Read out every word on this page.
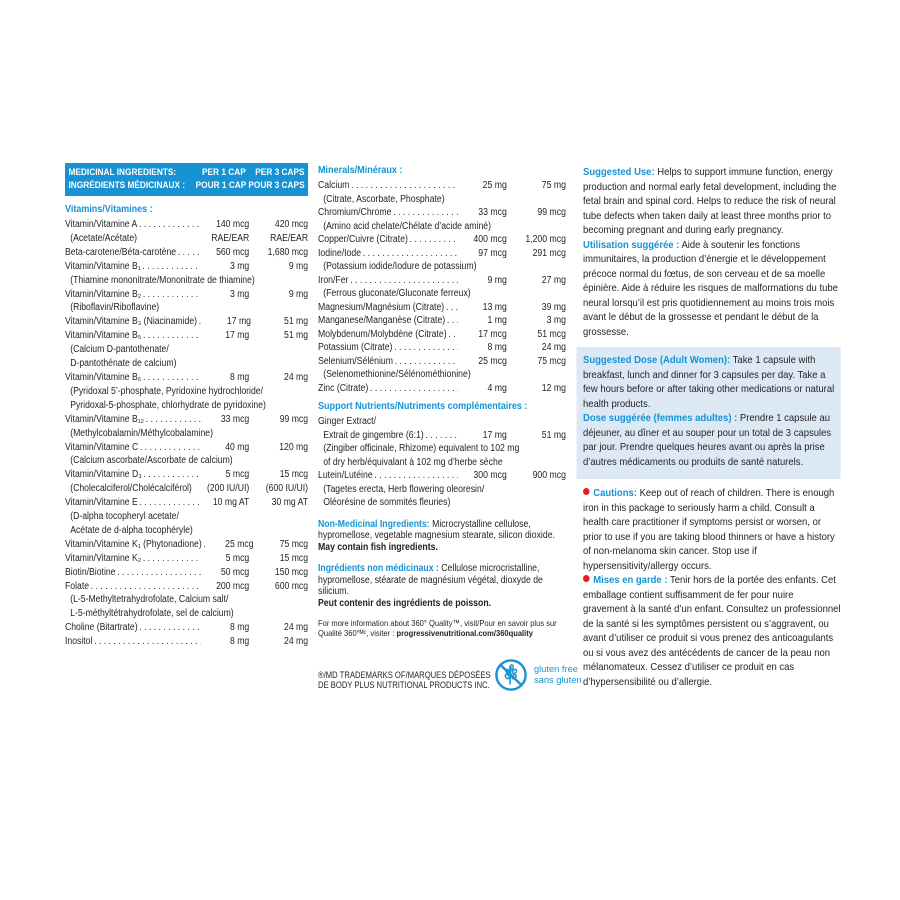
MEDICINAL INGREDIENTS:	PER 1 CAP PER 3 CAPS
INGRÉDIENTS MÉDICINAUX :	POUR 1 CAP POUR 3 CAPS
Vitamins/Vitamines :
Vitamin/Vitamine A . . .	140 mcg	420 mcg
(Acetate/Acétate)	RAE/EAR	RAE/EAR
Beta-carotene/Béta-carotène . . .	560 mcg	1,680 mcg
Vitamin/Vitamine B₁ . . .	3 mg	9 mg
(Thiamine mononitrate/Mononitrate de thiamine)
Vitamin/Vitamine B₂ . . .	3 mg	9 mg
(Riboflavin/Riboflavine)
Vitamin/Vitamine B₃ (Niacinamide) . . .	17 mg	51 mg
Vitamin/Vitamine B₅ . . .	17 mg	51 mg
(Calcium D-pantothenate/
D-pantothénate de calcium)
Vitamin/Vitamine B₆ . . .	8 mg	24 mg
(Pyridoxal 5’-phosphate, Pyridoxine hydrochloride/
Pyridoxal-5-phosphate, chlorhydrate de pyridoxine)
Vitamin/Vitamine B₁₂ . . .	33 mcg	99 mcg
(Methylcobalamin/Méthylcobalamine)
Vitamin/Vitamine C . . .	40 mg	120 mg
(Calcium ascorbate/Ascorbate de calcium)
Vitamin/Vitamine D₃ . . .	5 mcg	15 mcg
(Cholecalciferol/Cholécalciférol)	(200 IU/UI)	(600 IU/UI)
Vitamin/Vitamine E . . .	10 mg AT	30 mg AT
(D-alpha tocopheryl acetate/
Acétate de d-alpha tocophéryle)
Vitamin/Vitamine K₁ (Phytonadione) . . .	25 mcg	75 mcg
Vitamin/Vitamine K₂ . . .	5 mcg	15 mcg
Biotin/Biotine . . .	50 mcg	150 mcg
Folate . . .	200 mcg	600 mcg
(L-5-Methyltetrahydrofolate, Calcium salt/
L-5-méthyltétrahydrofolate, sel de calcium)
Choline (Bitartrate) . . .	8 mg	24 mg
Inositol . . .	8 mg	24 mg
Minerals/Minéraux :
Calcium . . .	25 mg	75 mg
(Citrate, Ascorbate, Phosphate)
Chromium/Chrome . . .	33 mcg	99 mcg
(Amino acid chelate/Chélate d’acide aminé)
Copper/Cuivre (Citrate) . . .	400 mcg	1,200 mcg
Iodine/Iode . . .	97 mcg	291 mcg
(Potassium iodide/Iodure de potassium)
Iron/Fer . . .	9 mg	27 mg
(Ferrous gluconate/Gluconate ferreux)
Magnesium/Magnésium (Citrate) . . .	13 mg	39 mg
Manganese/Manganèse (Citrate) . . .	1 mg	3 mg
Molybdenum/Molybdène (Citrate) . . .	17 mcg	51 mcg
Potassium (Citrate) . . .	8 mg	24 mg
Selenium/Sélénium . . .	25 mcg	75 mcg
(Selenomethionine/Sélénométhionine)
Zinc (Citrate) . . .	4 mg	12 mg
Support Nutrients/Nutriments complémentaires :
Ginger Extract/
Extrait de gingembre (6:1) . . .	17 mg	51 mg
(Zingiber officinale, Rhizome) equivalent to 102 mg
of dry herb/équivalant à 102 mg d’herbe sèche
Lutein/Lutéine . . .	300 mcg	900 mcg
(Tagetes erecta, Herb flowering oleoresin/
Oléorésine de sommités fleuries)
Non-Medicinal Ingredients: Microcrystalline cellulose, hypromellose, vegetable magnesium stearate, silicon dioxide.
May contain fish ingredients.
Ingrédients non médicinaux : Cellulose microcristalline, hypromellose, stéarate de magnésium végétal, dioxyde de silicium.
Peut contenir des ingrédients de poisson.
For more information about 360° Quality™, visit/Pour en savoir plus sur Qualité 360°ᴹᶜ, visiter : progressivenutritional.com/360quality
®/MD TRADEMARKS OF/MARQUES DÉPOSÉES
DE BODY PLUS NUTRITIONAL PRODUCTS INC.
Suggested Use: Helps to support immune function, energy production and normal early fetal development, including the fetal brain and spinal cord. Helps to reduce the risk of neural tube defects when taken daily at least three months prior to becoming pregnant and during early pregnancy.
Utilisation suggérée : Aide à soutenir les fonctions immunitaires, la production d’énergie et le développement précoce normal du fœtus, de son cerveau et de sa moelle épinière. Aide à réduire les risques de malformations du tube neural lorsqu’il est pris quotidiennement au moins trois mois avant le début de la grossesse et pendant le début de la grossesse.
Suggested Dose (Adult Women): Take 1 capsule with breakfast, lunch and dinner for 3 capsules per day. Take a few hours before or after taking other medications or natural health products.
Dose suggérée (femmes adultes) : Prendre 1 capsule au déjeuner, au dîner et au souper pour un total de 3 capsules par jour. Prendre quelques heures avant ou après la prise d’autres médicaments ou produits de santé naturels.
Cautions: Keep out of reach of children. There is enough iron in this package to seriously harm a child. Consult a health care practitioner if symptoms persist or worsen, or prior to use if you are taking blood thinners or have a history of non-melanoma skin cancer. Stop use if hypersensitivity/allergy occurs.
Mises en garde : Tenir hors de la portée des enfants. Cet emballage contient suffisamment de fer pour nuire gravement à la santé d’un enfant. Consultez un professionnel de la santé si les symptômes persistent ou s’aggravent, ou avant d’utiliser ce produit si vous prenez des anticoagulants ou si vous avez des antécédents de cancer de la peau non mélanomateux. Cessez d’utiliser ce produit en cas d’hypersensibilité ou d’allergie.
gluten free
sans gluten
